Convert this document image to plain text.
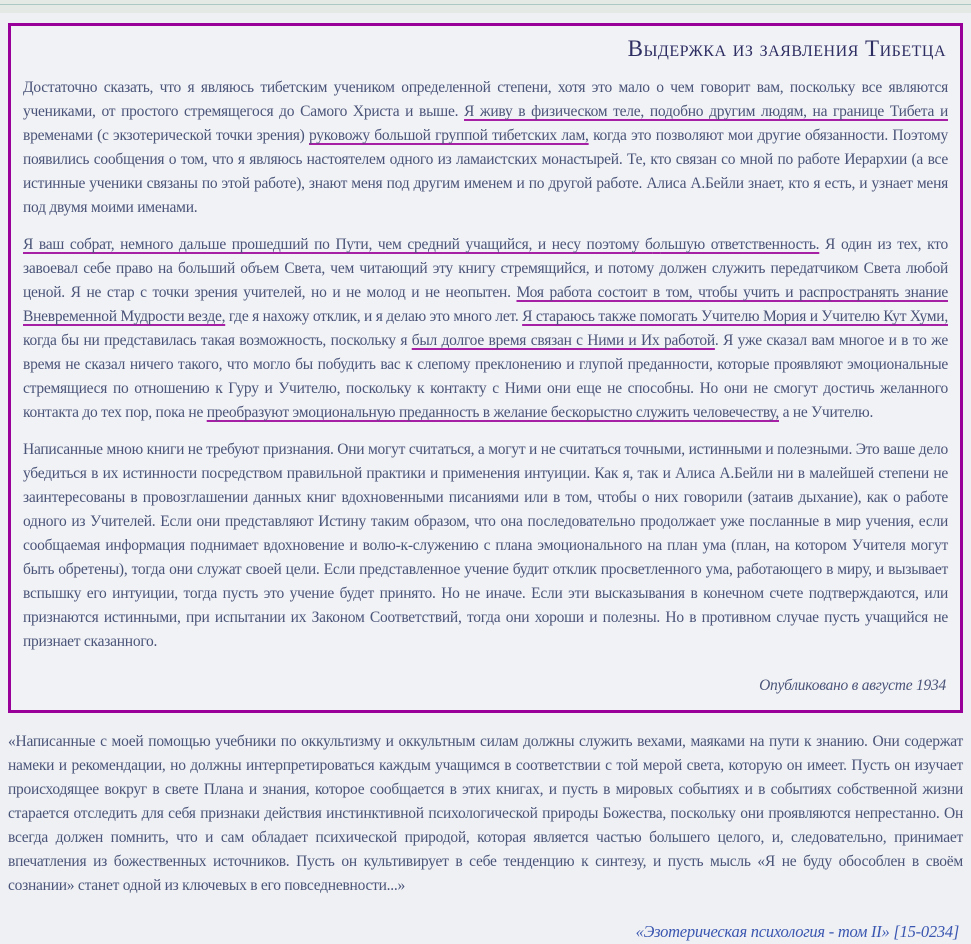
Выдержка из заявления Тибетца

Достаточно сказать, что я являюсь тибетским учеником определенной степени, хотя это мало о чем говорит вам, поскольку все являются учениками, от простого стремящегося до Самого Христа и выше. Я живу в физическом теле, подобно другим людям, на границе Тибета и временами (с экзотерической точки зрения) руковожу большой группой тибетских лам, когда это позволяют мои другие обязанности. Поэтому появились сообщения о том, что я являюсь настоятелем одного из ламаистских монастырей. Те, кто связан со мной по работе Иерархии (а все истинные ученики связаны по этой работе), знают меня под другим именем и по другой работе. Алиса А.Бейли знает, кто я есть, и узнает меня под двумя моими именами.

Я ваш собрат, немного дальше прошедший по Пути, чем средний учащийся, и несу поэтому большую ответственность. Я один из тех, кто завоевал себе право на больший объем Света, чем читающий эту книгу стремящийся, и потому должен служить передатчиком Света любой ценой. Я не стар с точки зрения учителей, но и не молод и не неопытен. Моя работа состоит в том, чтобы учить и распространять знание Вневременной Мудрости везде, где я нахожу отклик, и я делаю это много лет. Я стараюсь также помогать Учителю Мория и Учителю Кут Хуми, когда бы ни представилась такая возможность, поскольку я был долгое время связан с Ними и Их работой. Я уже сказал вам многое и в то же время не сказал ничего такого, что могло бы побудить вас к слепому преклонению и глупой преданности, которые проявляют эмоциональные стремящиеся по отношению к Гуру и Учителю, поскольку к контакту с Ними они еще не способны. Но они не смогут достичь желанного контакта до тех пор, пока не преобразуют эмоциональную преданность в желание бескорыстно служить человечеству, а не Учителю.

Написанные мною книги не требуют признания. Они могут считаться, а могут и не считаться точными, истинными и полезными. Это ваше дело убедиться в их истинности посредством правильной практики и применения интуиции. Как я, так и Алиса А.Бейли ни в малейшей степени не заинтересованы в провозглашении данных книг вдохновенными писаниями или в том, чтобы о них говорили (затаив дыхание), как о работе одного из Учителей. Если они представляют Истину таким образом, что она последовательно продолжает уже посланные в мир учения, если сообщаемая информация поднимает вдохновение и волю-к-служению с плана эмоционального на план ума (план, на котором Учителя могут быть обретены), тогда они служат своей цели. Если представленное учение будит отклик просветленного ума, работающего в миру, и вызывает вспышку его интуиции, тогда пусть это учение будет принято. Но не иначе. Если эти высказывания в конечном счете подтверждаются, или признаются истинными, при испытании их Законом Соответствий, тогда они хороши и полезны. Но в противном случае пусть учащийся не признает сказанного.

Опубликовано в августе 1934

«Написанные с моей помощью учебники по оккультизму и оккультным силам должны служить вехами, маяками на пути к знанию. Они содержат намеки и рекомендации, но должны интерпретироваться каждым учащимся в соответствии с той мерой света, которую он имеет. Пусть он изучает происходящее вокруг в свете Плана и знания, которое сообщается в этих книгах, и пусть в мировых событиях и в событиях собственной жизни старается отследить для себя признаки действия инстинктивной психологической природы Божества, поскольку они проявляются непрестанно. Он всегда должен помнить, что и сам обладает психической природой, которая является частью большего целого, и, следовательно, принимает впечатления из божественных источников. Пусть он культивирует в себе тенденцию к синтезу, и пусть мысль «Я не буду обособлен в своём сознании» станет одной из ключевых в его повседневности...»

«Эзотерическая психология - том II» [15-0234]
